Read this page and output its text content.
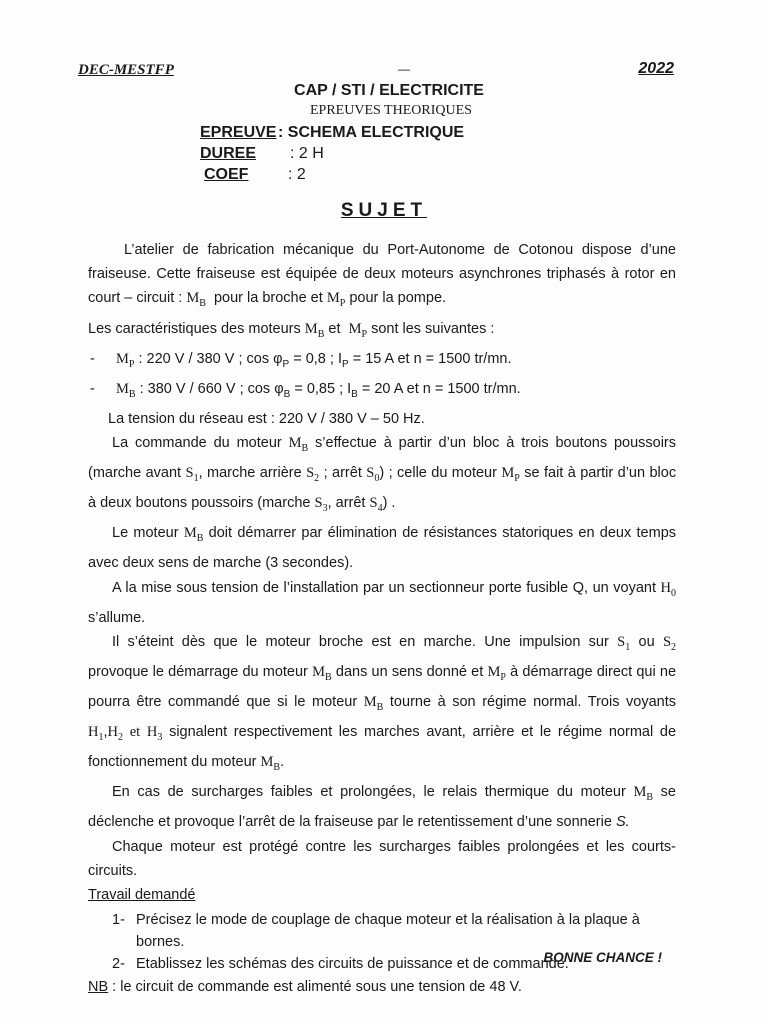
DEC-MESTFP	—	2022
CAP / STI / ELECTRICITE
EPREUVES THEORIQUES
EPREUVE : SCHEMA ELECTRIQUE
DUREE	: 2 H
COEF	: 2
SUJET

L’atelier de fabrication mécanique du Port-Autonome de Cotonou dispose d’une fraiseuse. Cette fraiseuse est équipée de deux moteurs asynchrones triphasés à rotor en court – circuit : $M_B$ pour la broche et $M_P$ pour la pompe.

Les caractéristiques des moteurs $M_B$ et $M_P$ sont les suivantes :

- $M_P$ : 220 V / 380 V ; $\cos \varphi_P = 0,8$ ; $I_P = 15$ A et n = 1500 tr/mn.

- $M_B$ : 380 V / 660 V ; $\cos \varphi_B = 0,85$ ; $I_B = 20$ A et n = 1500 tr/mn.

La tension du réseau est : 220 V / 380 V – 50 Hz.

La commande du moteur $M_B$ s’effectue à partir d’un bloc à trois boutons poussoirs (marche avant $S_1$, marche arrière $S_2$ ; arrêt $S_0$) ; celle du moteur $M_P$ se fait à partir d’un bloc à deux boutons poussoirs (marche $S_3$, arrêt $S_4$) .

Le moteur $M_B$ doit démarrer par élimination de résistances statoriques en deux temps avec deux sens de marche (3 secondes).

A la mise sous tension de l’installation par un sectionneur porte fusible Q, un voyant $H_0$ s’allume.

Il s’éteint dès que le moteur broche est en marche. Une impulsion sur $S_1$ ou $S_2$ provoque le démarrage du moteur $M_B$ dans un sens donné et $M_P$ à démarrage direct qui ne pourra être commandé que si le moteur $M_B$ tourne à son régime normal. Trois voyants $H_1,H_2$ et $H_3$ signalent respectivement les marches avant, arrière et le régime normal de fonctionnement du moteur $M_B$.

En cas de surcharges faibles et prolongées, le relais thermique du moteur $M_B$ se déclenche et provoque l’arrêt de la fraiseuse par le retentissement d’une sonnerie S.

Chaque moteur est protégé contre les surcharges faibles prolongées et les courts-circuits.

Travail demandé

1- Précisez le mode de couplage de chaque moteur et la réalisation à la plaque à bornes.
2- Etablissez les schémas des circuits de puissance et de commande.

NB : le circuit de commande est alimenté sous une tension de 48 V.

BONNE CHANCE !
